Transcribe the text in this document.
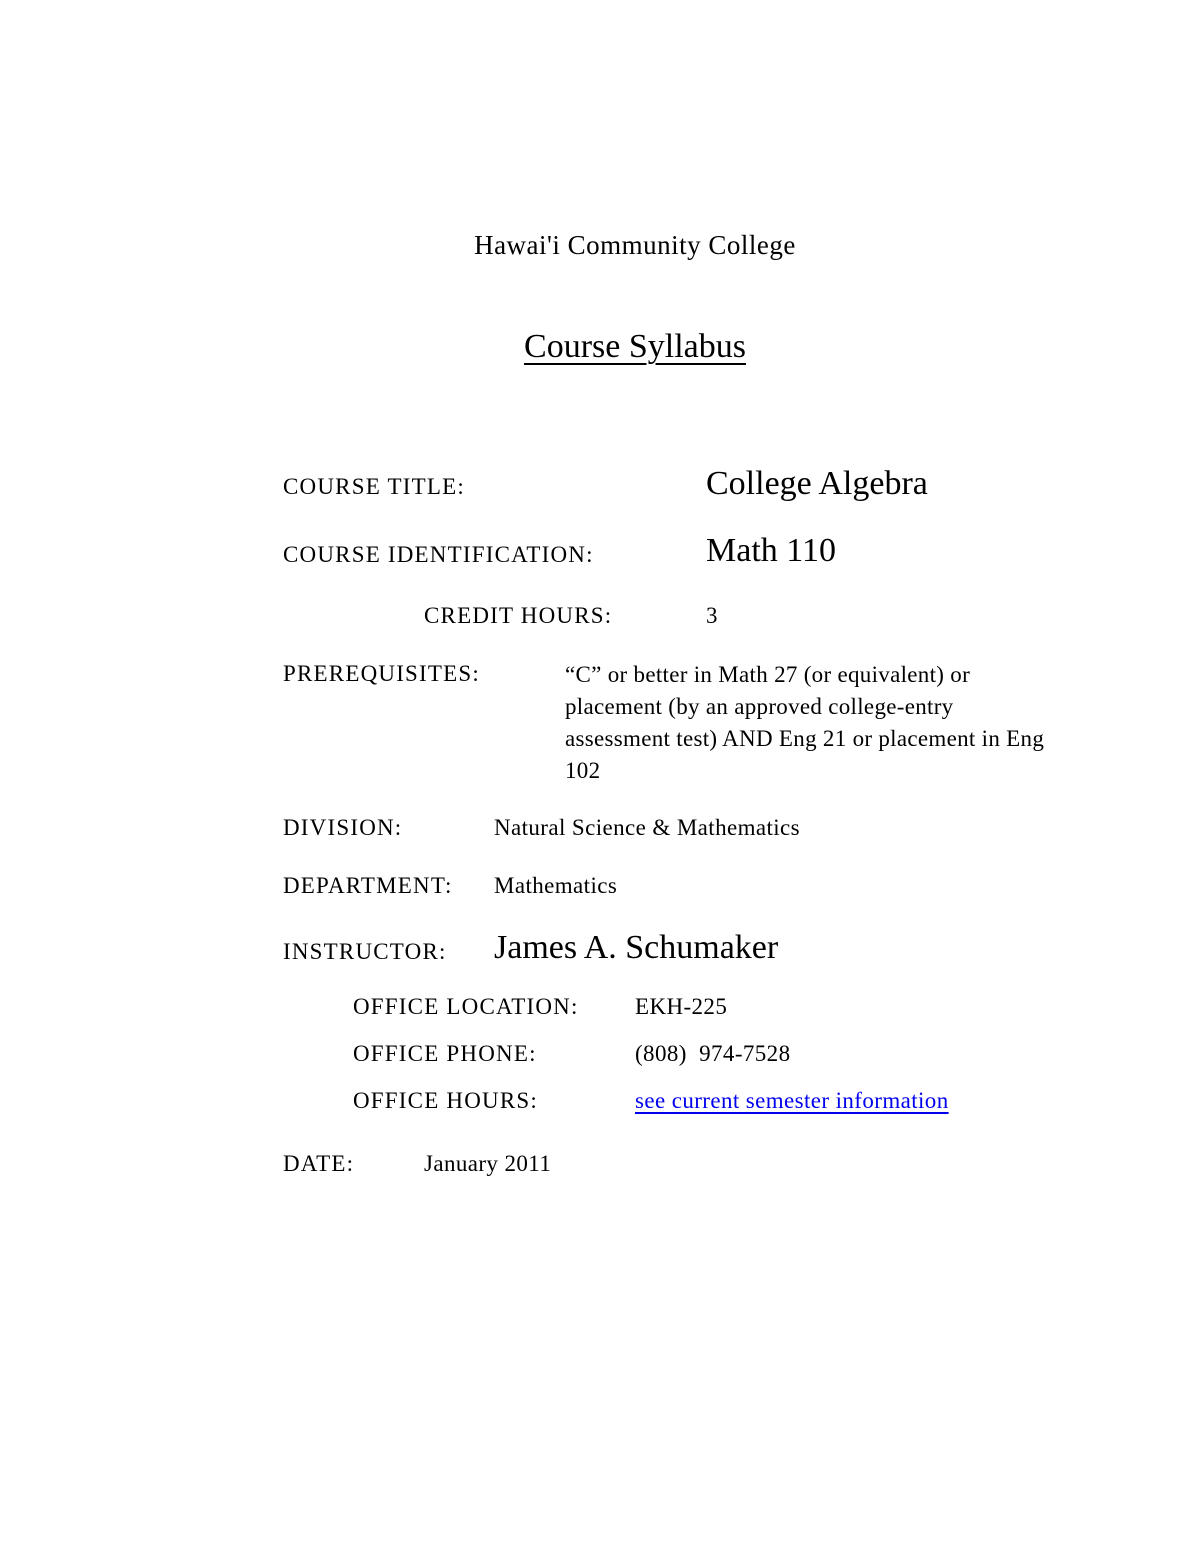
Hawai'i Community College
Course Syllabus
COURSE TITLE:	College Algebra
COURSE IDENTIFICATION:	Math 110
CREDIT HOURS:	3
PREREQUISITES:	“C” or better in Math 27 (or equivalent) or placement (by an approved college-entry assessment test) AND Eng 21 or placement in Eng 102
DIVISION:	Natural Science & Mathematics
DEPARTMENT: Mathematics
INSTRUCTOR: James A. Schumaker
OFFICE LOCATION: EKH-225
OFFICE PHONE:	(808)  974-7528
OFFICE HOURS:	see current semester information
DATE:	January 2011
